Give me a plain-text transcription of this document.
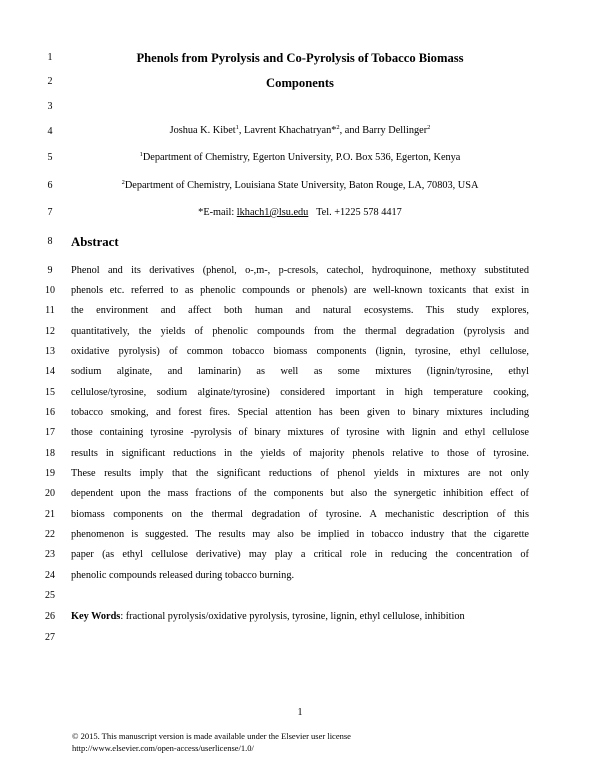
1
2
3
4
5
6
7
8
9
10
11
12
13
14
15
16
17
18
19
20
21
22
23
24
25
26
27
Phenols from Pyrolysis and Co-Pyrolysis of Tobacco Biomass
Components
Joshua K. Kibet$^1$, Lavrent Khachatryan*$^2$, and Barry Dellinger$^2$
$^1$Department of Chemistry, Egerton University, P.O. Box 536, Egerton, Kenya
$^2$Department of Chemistry, Louisiana State University, Baton Rouge, LA, 70803, USA
*E-mail: lkhach1@lsu.edu Tel. +1225 578 4417
Abstract
Phenol and its derivatives (phenol, o-,m-, p-cresols, catechol, hydroquinone, methoxy substituted
phenols etc. referred to as phenolic compounds or phenols) are well-known toxicants that exist in
the environment and affect both human and natural ecosystems. This study explores,
quantitatively, the yields of phenolic compounds from the thermal degradation (pyrolysis and
oxidative pyrolysis) of common tobacco biomass components (lignin, tyrosine, ethyl cellulose,
sodium alginate, and laminarin) as well as some mixtures (lignin/tyrosine, ethyl
cellulose/tyrosine, sodium alginate/tyrosine) considered important in high temperature cooking,
tobacco smoking, and forest fires. Special attention has been given to binary mixtures including
those containing tyrosine -pyrolysis of binary mixtures of tyrosine with lignin and ethyl cellulose
results in significant reductions in the yields of majority phenols relative to those of tyrosine.
These results imply that the significant reductions of phenol yields in mixtures are not only
dependent upon the mass fractions of the components but also the synergetic inhibition effect of
biomass components on the thermal degradation of tyrosine. A mechanistic description of this
phenomenon is suggested. The results may also be implied in tobacco industry that the cigarette
paper (as ethyl cellulose derivative) may play a critical role in reducing the concentration of
phenolic compounds released during tobacco burning.
Key Words: fractional pyrolysis/oxidative pyrolysis, tyrosine, lignin, ethyl cellulose, inhibition
1
© 2015. This manuscript version is made available under the Elsevier user license
http://www.elsevier.com/open-access/userlicense/1.0/
